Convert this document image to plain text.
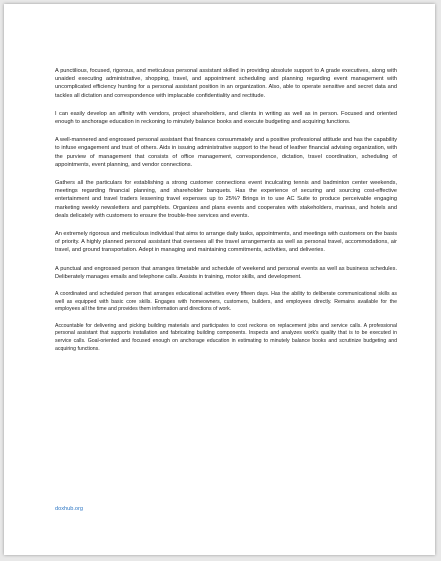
A punctilious, focused, rigorous, and meticulous personal assistant skilled in providing absolute support to A grade executives, along with unaided executing administrative, shopping, travel, and appointment scheduling and planning regarding event management with uncomplicated efficiency hunting for a personal assistant position in an organization. Also, able to operate sensitive and secret data and tackles all dictation and correspondence with implacable confidentiality and rectitude.

I can easily develop an affinity with vendors, project shareholders, and clients in writing as well as in person. Focused and oriented enough to anchorage education in reckoning to minutely balance books and execute budgeting and acquiring functions.

A well-mannered and engrossed personal assistant that finances consummately and a positive professional attitude and has the capability to infuse engagement and trust of others. Aids in issuing administrative support to the head of leather financial advising organization, with the purview of management that consists of office management, correspondence, dictation, travel coordination, scheduling of appointments, event planning, and vendor connections.

Gathers all the particulars for establishing a strong customer connections event inculcating tennis and badminton center weekends, meetings regarding financial planning, and shareholder banquets. Has the experience of securing and sourcing cost-effective entertainment and travel traders lessening travel expenses up to 25%? Brings in to use AC Suite to produce perceivable engaging marketing weekly newsletters and pamphlets. Organizes and plans events and cooperates with stakeholders, marinas, and hotels and deals delicately with customers to ensure the trouble-free services and events.

An extremely rigorous and meticulous individual that aims to arrange daily tasks, appointments, and meetings with customers on the basis of priority. A highly planned personal assistant that oversees all the travel arrangements as well as personal travel, accommodations, air travel, and ground transportation. Adept in managing and maintaining commitments, activities, and deliveries.

A punctual and engrossed person that arranges timetable and schedule of weekend and personal events as well as business schedules. Deliberately manages emails and telephone calls. Assists in training, motor skills, and development.

A coordinated and scheduled person that arranges educational activities every fifteen days. Has the ability to deliberate communicational skills as well as equipped with basic core skills. Engages with homeowners, customers, builders, and employees directly. Remains available for the employees all the time and provides them information and directions of work.

Accountable for delivering and picking building materials and participates to cost reckons on replacement jobs and service calls. A professional personal assistant that supports installation and fabricating building components. Inspects and analyzes work's quality that is to be executed in service calls. Goal-oriented and focused enough on anchorage education in estimating to minutely balance books and scrutinize budgeting and acquiring functions.

doxhub.org
